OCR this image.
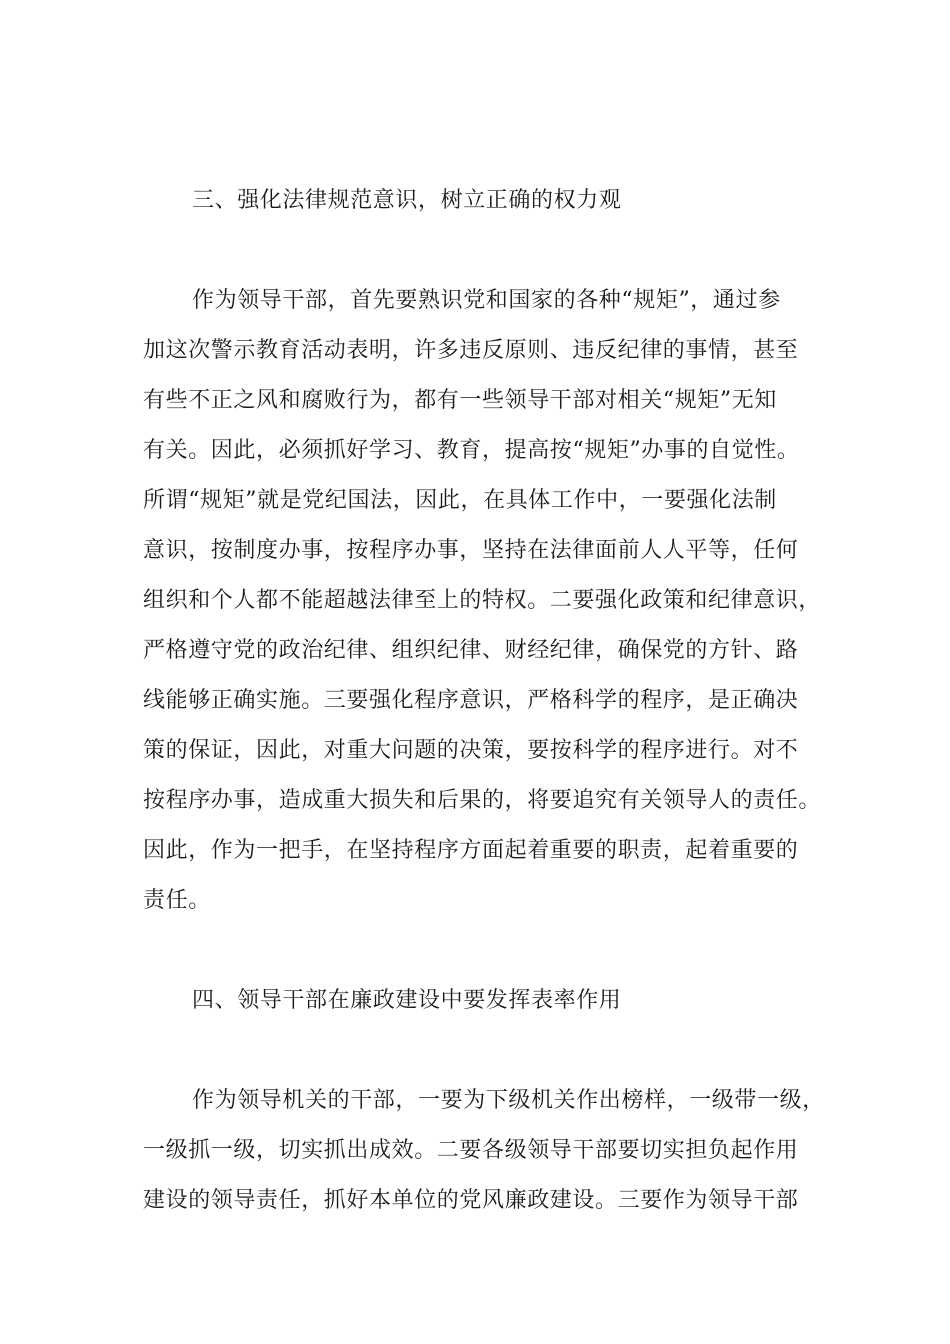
三、强化法律规范意识，树立正确的权力观
作为领导干部，首先要熟识党和国家的各种“规矩”，通过参
加这次警示教育活动表明，许多违反原则、违反纪律的事情，甚至
有些不正之风和腐败行为，都有一些领导干部对相关“规矩”无知
有关。因此，必须抓好学习、教育，提高按“规矩”办事的自觉性。
所谓“规矩”就是党纪国法，因此，在具体工作中，一要强化法制
意识，按制度办事，按程序办事，坚持在法律面前人人平等，任何
组织和个人都不能超越法律至上的特权。二要强化政策和纪律意识，
严格遵守党的政治纪律、组织纪律、财经纪律，确保党的方针、路
线能够正确实施。三要强化程序意识，严格科学的程序，是正确决
策的保证，因此，对重大问题的决策，要按科学的程序进行。对不
按程序办事，造成重大损失和后果的，将要追究有关领导人的责任。
因此，作为一把手，在坚持程序方面起着重要的职责，起着重要的
责任。
四、领导干部在廉政建设中要发挥表率作用
作为领导机关的干部，一要为下级机关作出榜样，一级带一级，
一级抓一级，切实抓出成效。二要各级领导干部要切实担负起作用
建设的领导责任，抓好本单位的党风廉政建设。三要作为领导干部
